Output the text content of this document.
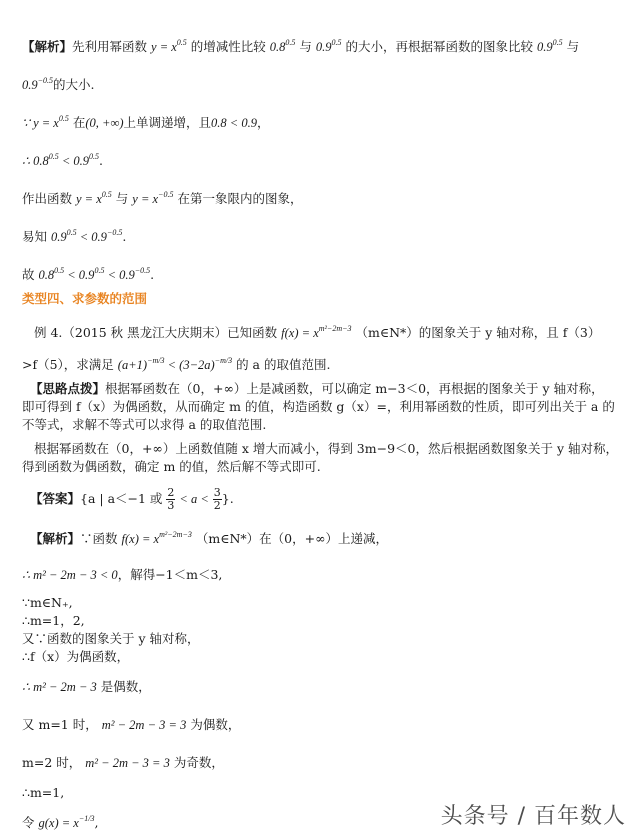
【解析】先利用幂函数 $y = x^{0.5}$ 的增减性比较 $0.8^{0.5}$ 与 $0.9^{0.5}$ 的大小，再根据幂函数的图象比较 $0.9^{0.5}$ 与
$0.9^{-0.5}$的大小.
∵ $y = x^{0.5}$ 在(0, +∞)上单调递增，且0.8 < 0.9，
∴ $0.8^{0.5} < 0.9^{0.5}$.
作出函数 $y = x^{0.5}$ 与 $y = x^{-0.5}$ 在第一象限内的图象，
易知 $0.9^{0.5} < 0.9^{-0.5}$.
故 $0.8^{0.5} < 0.9^{0.5} < 0.9^{-0.5}$.
类型四、求参数的范围
例 4.（2015 秋 黑龙江大庆期末）已知函数 $f(x) = x^{m^2-2m-3}$ （m∈N*）的图象关于 y 轴对称，且 f（3）
>f（5），求满足 $(a+1)^{-m/3} < (3-2a)^{-m/3}$ 的 a 的取值范围.
【思路点拨】根据幂函数在（0，+∞）上是减函数，可以确定 m−3＜0，再根据的图象关于 y 轴对称，
即可得到 f（x）为偶函数，从而确定 m 的值，构造函数 g（x）=，利用幂函数的性质，即可列出关于 a 的
不等式，求解不等式可以求得 a 的取值范围.
根据幂函数在（0，+∞）上函数值随 x 增大而减小，得到 3m−9＜0，然后根据函数图象关于 y 轴对称，
得到函数为偶函数，确定 m 的值，然后解不等式即可.
【答案】{a | a＜−1 或 $\frac{2}{3} < a < \frac{3}{2}$ }.
【解析】∵函数 $f(x) = x^{m^2-2m-3}$ （m∈N*）在（0，+∞）上递减，
∴ m² − 2m − 3 < 0，解得−1＜m＜3,
∵m∈N₊,
∴m=1，2,
又∵函数的图象关于 y 轴对称，
∴f（x）为偶函数，
∴ m² − 2m − 3 是偶数，
又 m=1 时， m² − 2m − 3 = 3 为偶数，
m=2 时， m² − 2m − 3 = 3 为奇数，
∴m=1,
令 $g(x) = x^{-1/3}$,	头条号 / 百年数人
